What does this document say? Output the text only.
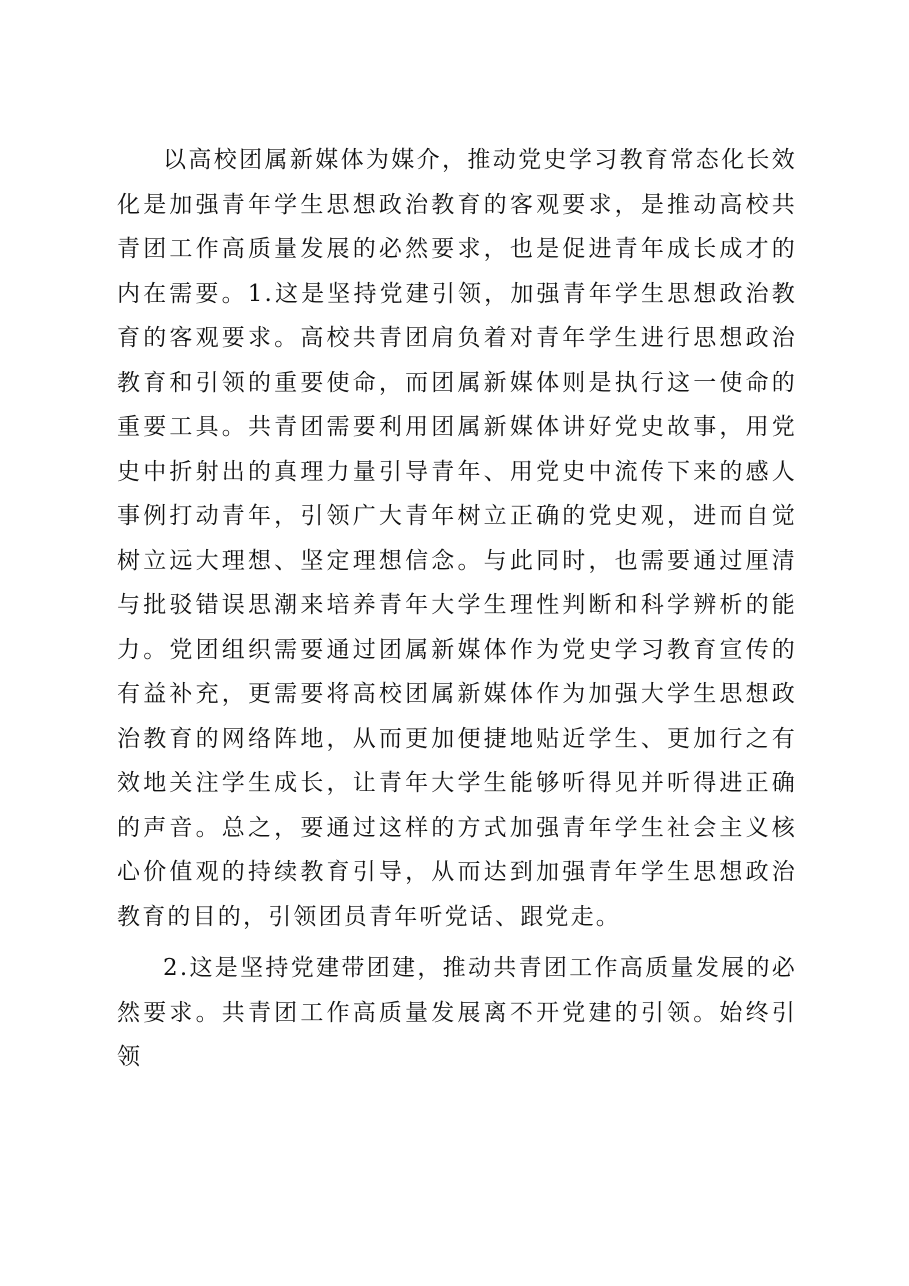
以高校团属新媒体为媒介，推动党史学习教育常态化长效化是加强青年学生思想政治教育的客观要求，是推动高校共青团工作高质量发展的必然要求，也是促进青年成长成才的内在需要。1.这是坚持党建引领，加强青年学生思想政治教育的客观要求。高校共青团肩负着对青年学生进行思想政治教育和引领的重要使命，而团属新媒体则是执行这一使命的重要工具。共青团需要利用团属新媒体讲好党史故事，用党史中折射出的真理力量引导青年、用党史中流传下来的感人事例打动青年，引领广大青年树立正确的党史观，进而自觉树立远大理想、坚定理想信念。与此同时，也需要通过厘清与批驳错误思潮来培养青年大学生理性判断和科学辨析的能力。党团组织需要通过团属新媒体作为党史学习教育宣传的有益补充，更需要将高校团属新媒体作为加强大学生思想政治教育的网络阵地，从而更加便捷地贴近学生、更加行之有效地关注学生成长，让青年大学生能够听得见并听得进正确的声音。总之，要通过这样的方式加强青年学生社会主义核心价值观的持续教育引导，从而达到加强青年学生思想政治教育的目的，引领团员青年听党话、跟党走。

2.这是坚持党建带团建，推动共青团工作高质量发展的必然要求。共青团工作高质量发展离不开党建的引领。始终引领
